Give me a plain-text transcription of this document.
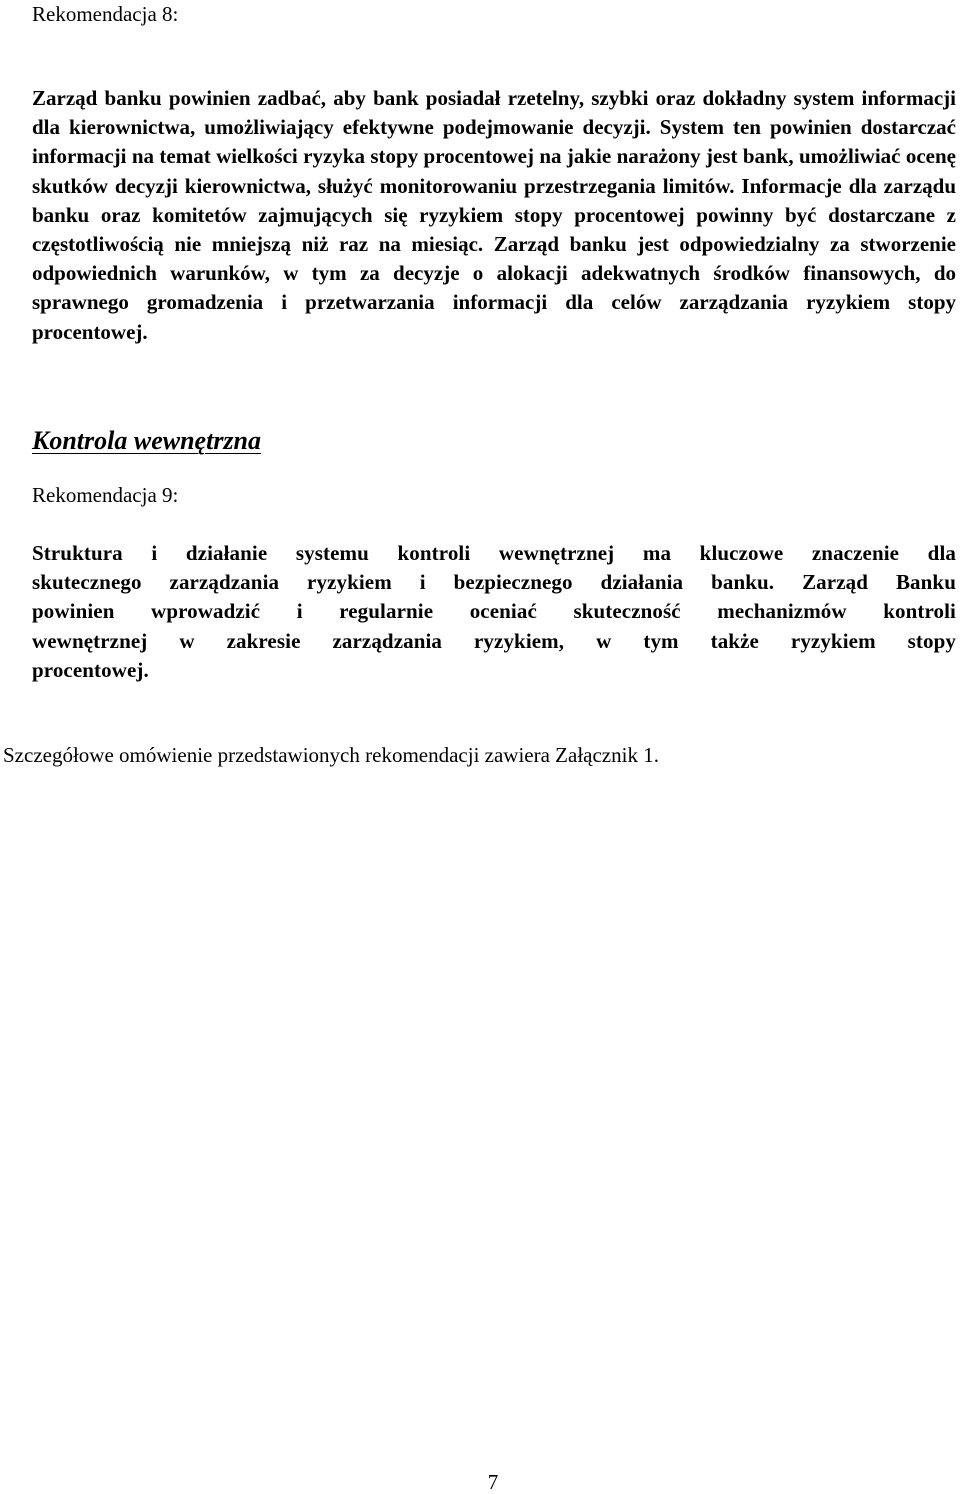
Rekomendacja 8:

Zarząd banku powinien zadbać, aby bank posiadał rzetelny, szybki oraz dokładny system informacji dla kierownictwa, umożliwiający efektywne podejmowanie decyzji. System ten powinien dostarczać informacji na temat wielkości ryzyka stopy procentowej na jakie narażony jest bank, umożliwiać ocenę skutków decyzji kierownictwa, służyć monitorowaniu przestrzegania limitów. Informacje dla zarządu banku oraz komitetów zajmujących się ryzykiem stopy procentowej powinny być dostarczane z częstotliwością nie mniejszą niż raz na miesiąc. Zarząd banku jest odpowiedzialny za stworzenie odpowiednich warunków, w tym za decyzje o alokacji adekwatnych środków finansowych, do sprawnego gromadzenia i przetwarzania informacji dla celów zarządzania ryzykiem stopy procentowej.

Kontrola wewnętrzna

Rekomendacja 9:

Struktura i działanie systemu kontroli wewnętrznej ma kluczowe znaczenie dla
skutecznego zarządzania ryzykiem i bezpiecznego działania banku. Zarząd Banku
powinien wprowadzić i regularnie oceniać skuteczność mechanizmów kontroli
wewnętrznej w zakresie zarządzania ryzykiem, w tym także ryzykiem stopy
procentowej.

Szczegółowe omówienie przedstawionych rekomendacji zawiera Załącznik 1.

7
